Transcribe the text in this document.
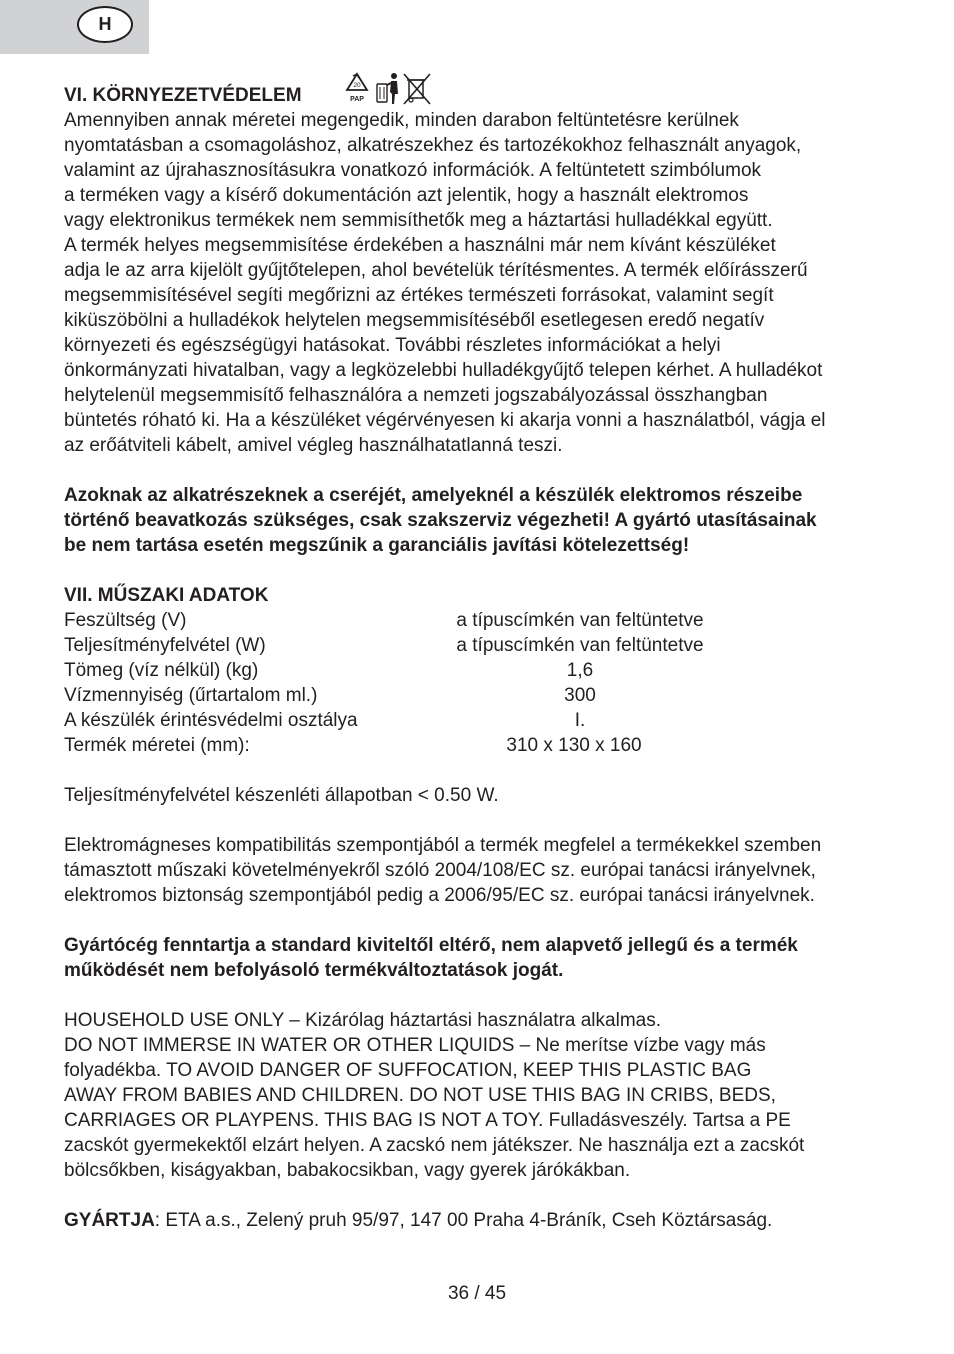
H
VI. KÖRNYEZETVÉDELEM	20
PAP
Amennyiben annak méretei megengedik, minden darabon feltüntetésre kerülnek
nyomtatásban a csomagoláshoz, alkatrészekhez és tartozékokhoz felhasznált anyagok,
valamint az újrahasznosításukra vonatkozó információk. A feltüntetett szimbólumok
a terméken vagy a kísérő dokumentáción azt jelentik, hogy a használt elektromos
vagy elektronikus termékek nem semmisíthetők meg a háztartási hulladékkal együtt.
A termék helyes megsemmisítése érdekében a használni már nem kívánt készüléket
adja le az arra kijelölt gyűjtőtelepen, ahol bevételük térítésmentes. A termék előírásszerű
megsemmisítésével segíti megőrizni az értékes természeti forrásokat, valamint segít
kiküszöbölni a hulladékok helytelen megsemmisítéséből esetlegesen eredő negatív
környezeti és egészségügyi hatásokat. További részletes információkat a helyi
önkormányzati hivatalban, vagy a legközelebbi hulladékgyűjtő telepen kérhet. A hulladékot
helytelenül megsemmisítő felhasználóra a nemzeti jogszabályozással összhangban
büntetés róható ki. Ha a készüléket végérvényesen ki akarja vonni a használatból, vágja el
az erőátviteli kábelt, amivel végleg használhatatlanná teszi.
Azoknak az alkatrészeknek a cseréjét, amelyeknél a készülék elektromos részeibe
történő beavatkozás szükséges, csak szakszerviz végezheti! A gyártó utasításainak
be nem tartása esetén megszűnik a garanciális javítási kötelezettség!
VII. MŰSZAKI ADATOK
Feszültség (V)	a típuscímkén van feltüntetve
Teljesítményfelvétel (W)	a típuscímkén van feltüntetve
Tömeg (víz nélkül) (kg)	1,6
Vízmennyiség (űrtartalom ml.)	300
A készülék érintésvédelmi osztálya	I.
Termék méretei (mm):	310 x 130 x 160
Teljesítményfelvétel készenléti állapotban < 0.50 W.
Elektromágneses kompatibilitás szempontjából a termék megfelel a termékekkel szemben
támasztott műszaki követelményekről szóló 2004/108/EC sz. európai tanácsi irányelvnek,
elektromos biztonság szempontjából pedig a 2006/95/EC sz. európai tanácsi irányelvnek.
Gyártócég fenntartja a standard kiviteltől eltérő, nem alapvető jellegű és a termék
működését nem befolyásoló termékváltoztatások jogát.
HOUSEHOLD USE ONLY – Kizárólag háztartási használatra alkalmas.
DO NOT IMMERSE IN WATER OR OTHER LIQUIDS – Ne merítse vízbe vagy más
folyadékba. TO AVOID DANGER OF SUFFOCATION, KEEP THIS PLASTIC BAG
AWAY FROM BABIES AND CHILDREN. DO NOT USE THIS BAG IN CRIBS, BEDS,
CARRIAGES OR PLAYPENS. THIS BAG IS NOT A TOY. Fulladásveszély. Tartsa a PE
zacskót gyermekektől elzárt helyen. A zacskó nem játékszer. Ne használja ezt a zacskót
bölcsőkben, kiságyakban, babakocsikban, vagy gyerek járókákban.
GYÁRTJA: ETA a.s., Zelený pruh 95/97, 147 00 Praha 4-Bráník, Cseh Köztársaság.
36 / 45
